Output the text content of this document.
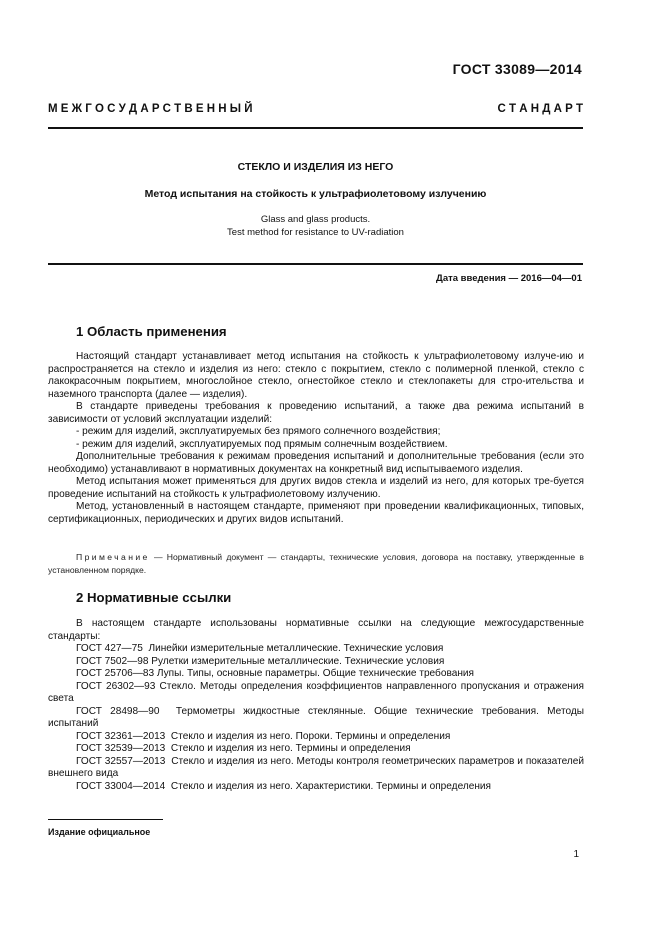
ГОСТ 33089—2014
М Е Ж Г О С У Д А Р С Т В Е Н Н Ы Й	С Т А Н Д А Р Т
СТЕКЛО И ИЗДЕЛИЯ ИЗ НЕГО
Метод испытания на стойкость к ультрафиолетовому излучению
Glass and glass products.
Test method for resistance to UV-radiation
Дата введения — 2016—04—01
1 Область применения
Настоящий стандарт устанавливает метод испытания на стойкость к ультрафиолетовому излуче-ию и распространяется на стекло и изделия из него: стекло с покрытием, стекло с полимерной пленкой, стекло с лакокрасочным покрытием, многослойное стекло, огнестойкое стекло и стеклопакеты для стро-ительства и наземного транспорта (далее — изделия).
В стандарте приведены требования к проведению испытаний, а также два режима испытаний в зависимости от условий эксплуатации изделий:
- режим для изделий, эксплуатируемых без прямого солнечного воздействия;
- режим для изделий, эксплуатируемых под прямым солнечным воздействием.
Дополнительные требования к режимам проведения испытаний и дополнительные требования (если это необходимо) устанавливают в нормативных документах на конкретный вид испытываемого изделия.
Метод испытания может применяться для других видов стекла и изделий из него, для которых тре-буется проведение испытаний на стойкость к ультрафиолетовому излучению.
Метод, установленный в настоящем стандарте, применяют при проведении квалификационных, типовых, сертификационных, периодических и других видов испытаний.
Примечание — Нормативный документ — стандарты, технические условия, договора на поставку, утвержденные в установленном порядке.
2 Нормативные ссылки
В настоящем стандарте использованы нормативные ссылки на следующие межгосударственные стандарты:
ГОСТ 427—75 Линейки измерительные металлические. Технические условия
ГОСТ 7502—98 Рулетки измерительные металлические. Технические условия
ГОСТ 25706—83 Лупы. Типы, основные параметры. Общие технические требования
ГОСТ 26302—93 Стекло. Методы определения коэффициентов направленного пропускания и отражения света
ГОСТ 28498—90 Термометры жидкостные стеклянные. Общие технические требования. Методы испытаний
ГОСТ 32361—2013 Стекло и изделия из него. Пороки. Термины и определения
ГОСТ 32539—2013 Стекло и изделия из него. Термины и определения
ГОСТ 32557—2013 Стекло и изделия из него. Методы контроля геометрических параметров и показателей внешнего вида
ГОСТ 33004—2014 Стекло и изделия из него. Характеристики. Термины и определения
Издание официальное
1
